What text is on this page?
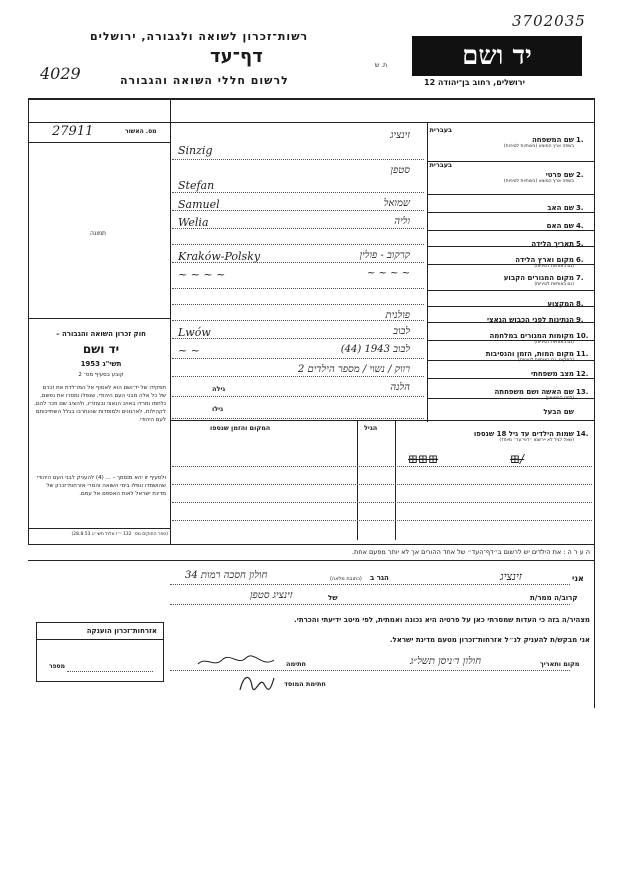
3702035
4029
רשות־זכרון לשואה ולגבורה, ירושלים
דף־עד
לרשום חללי השואה והגבורה
ת. שׂ	יד ושם
ירושלים, רחוב בן־יהודה 12
27911	מס. האשור
תמונה
חוק זכרון השואה והגבורה –
יד ושם
תשי"ג 1953
קובע בסעיף מס׳ 2
תפקידו של יד־ושם הוא לאסוף אל המו־לדת את זכרם של כל אלה מבני העם היהודי, שנפלו ומסרו את נפשם, נלחמו ומרדו באויב הנאצי ובעוזריו, ולהציב שם וזכר להם, לקהילות, לארגונים ולמוסדות שהוחרבו בגלל השתייכותם לעם היהודי.
ולסעיף זו יהא מוסמך – ... (4) להעניק לבני העם היהודי שהושמדו ונפלו בימי השואה והמרי אזרחות־זכרון של מדינת ישראל לאות האספם אל עמם.
(ספר החוקים מס׳ 132 י״ז אלול תשי״ג 28.8.53)
1.
שם המשפחה
בשפה ארץ המוצא (באותיות לטיניות)
זינציג
Sinzig
2.
שם פרטי
בשפה ארץ המוצא (באותיות לטיניות)
סטפן
Stefan
3.
שם האב
שמואל
Samuel
4.
שם האם
וליה
Welia
5.
תאריך הלידה
6.
מקום וארץ הלידה
(גם באותיות לטיניות)
קרקוב - פולין
Kraków-Polsky
7.
מקום המגורים הקבוע
(גם באותיות לטיניות)
~ ~ ~ ~
~ ~ ~ ~
8.
המקצוע
9.
הנתינות לפני הכבוש הנאצי
פולנית
10.
מקומות המגורים במלחמה
(גם באותיות לטיניות)
לבוב
Lwów
11.
מקום המות, הזמן והנסיבות
(המקום, גם באותיות לטיניות)
לבוב 1943 (44)
~ ~
12.
מצב משפחתי
רווק / נשוי / מספר הילדים 2
13.
שם האשה ושם משפחתה
(לפני הנישואין)
הלנה
שם הבעל
14.
שמות הילדים עד גיל 18 שנספו
(שאל לגיל לא יירשמו ״דפי־עד״ מיוחד)
בעברית
בעברית
גילה
גילו
המקום והזמן שנספו	הגיל
⊞⊞⊞	⊞/
ה ע ר ה : את הילדים יש לרשום ב״דף־העד״ של אחד ההורים אך לא יותר מפעם אחת.
אני
זינציג
הגר ב
(כתובת מלאה)
חולון חסכה רמות 34
קרוב/ה ממר/ת
של
זינציג סטפן
מצהיר/ה בזה כי העדות שמסרתי כאן על פרטיה היא נכונה ואמתית, לפי מיטב ידיעתי והכרתי.
אני מבקש/ת להעניק לנ״ל אזרחות־זכרון מטעם מדינת ישראל.
מקום ותאריך
חולון ד׳ניסן תשל״ג
חתימה
חתימת המוסד
אזרחות־זכרון הוענקה
מספר
